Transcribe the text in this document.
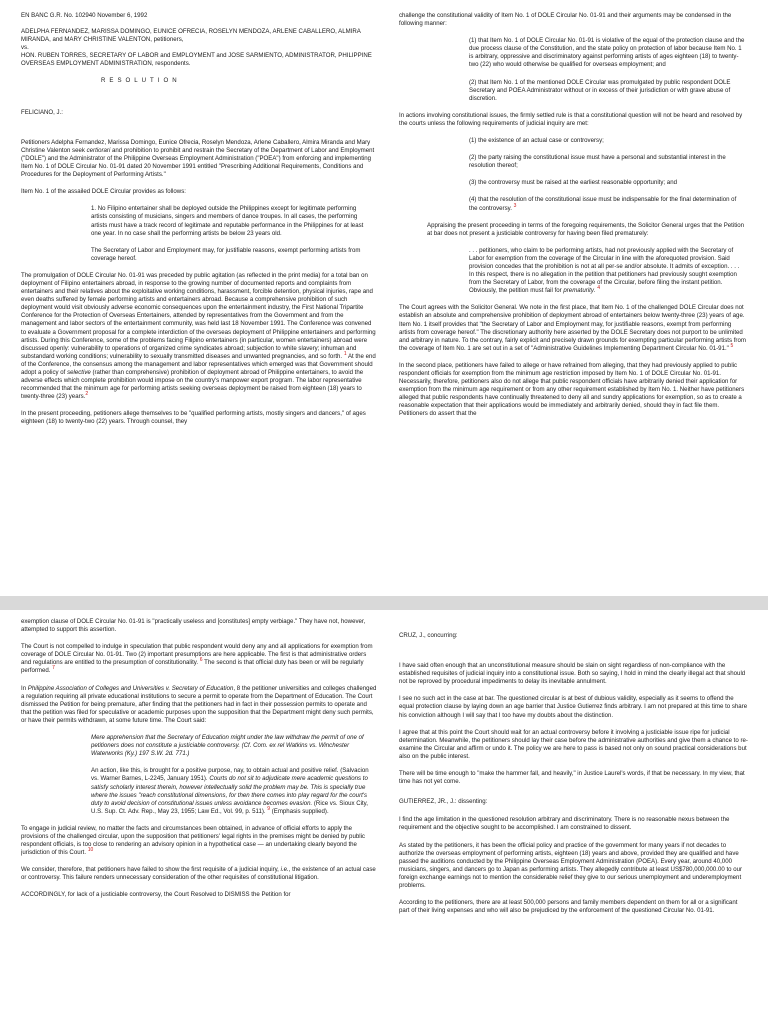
EN BANC G.R. No. 102940 November 6, 1992

ADELPHA FERNANDEZ, MARISSA DOMINGO, EUNICE OFRECIA, ROSELYN MENDOZA, ARLENE CABALLERO, ALMIRA MIRANDA, and MARY CHRISTINE VALENTON, petitioners,

vs.

HON. RUBEN TORRES, SECRETARY OF LABOR and EMPLOYMENT and JOSE SARMIENTO, ADMINISTRATOR, PHILIPPINE OVERSEAS EMPLOYMENT ADMINISTRATION, respondents.

RESOLUTION

FELICIANO, J.:

Petitioners Adelpha Fernandez, Marissa Domingo, Eunice Ofrecia, Roselyn Mendoza, Arlene Caballero, Almira Miranda and Mary Christine Valenton seek certiorari and prohibition to prohibit and restrain the Secretary of the Department of Labor and Employment ("DOLE") and the Administrator of the Philippine Overseas Employment Administration ("POEA") from enforcing and implementing Item No. 1 of DOLE Circular No. 01-91 dated 20 November 1991 entitled "Prescribing Additional Requirements, Conditions and Procedures for the Deployment of Performing Artists."

Item No. 1 of the assailed DOLE Circular provides as follows:

1. No Filipino entertainer shall be deployed outside the Philippines except for legitimate performing artists consisting of musicians, singers and members of dance troupes. In all cases, the performing artists must have a track record of legitimate and reputable performance in the Philippines for at least one year. In no case shall the performing artists be below 23 years old.

The Secretary of Labor and Employment may, for justifiable reasons, exempt performing artists from coverage hereof.

The promulgation of DOLE Circular No. 01-91 was preceded by public agitation (as reflected in the print media) for a total ban on deployment of Filipino entertainers abroad, in response to the growing number of documented reports and complaints from entertainers and their relatives about the exploitative working conditions, harassment, forcible detention, physical injuries, rape and even deaths suffered by female performing artists and entertainers abroad. Because a comprehensive prohibition of such deployment would visit obviously adverse economic consequences upon the entertainment industry, the First National Tripartite Conference for the Protection of Overseas Entertainers, attended by representatives from the Government and from the management and labor sectors of the entertainment community, was held last 18 November 1991. The Conference was convened to evaluate a Government proposal for a complete interdiction of the overseas deployment of Philippine entertainers and performing artists. During this Conference, some of the problems facing Filipino entertainers (in particular, women entertainers) abroad were discussed openly: vulnerability to operations of organized crime syndicates abroad; subjection to white slavery; inhuman and substandard working conditions; vulnerability to sexually transmitted diseases and unwanted pregnancies, and so forth. $^1$ At the end of the Conference, the consensus among the management and labor representatives which emerged was that Government should adopt a policy of selective (rather than comprehensive) prohibition of deployment abroad of Philippine entertainers, to avoid the adverse effects which complete prohibition would impose on the country's manpower export program. The labor representative recommended that the minimum age for performing artists seeking overseas deployment be raised from eighteen (18) years to twenty-three (23) years.$^2$

In the present proceeding, petitioners allege themselves to be "qualified performing artists, mostly singers and dancers," of ages eighteen (18) to twenty-two (22) years. Through counsel, they

challenge the constitutional validity of Item No. 1 of DOLE Circular No. 01-91 and their arguments may be condensed in the following manner:

(1) that Item No. 1 of DOLE Circular No. 01-91 is violative of the equal of the protection clause and the due process clause of the Constitution, and the state policy on protection of labor because Item No. 1 is arbitrary, oppressive and discriminatory against performing artists of ages eighteen (18) to twenty-two (22) who would otherwise be qualified for overseas employment; and

(2) that Item No. 1 of the mentioned DOLE Circular was promulgated by public respondent DOLE Secretary and POEA Administrator without or in excess of their jurisdiction or with grave abuse of discretion.

In actions involving constitutional issues, the firmly settled rule is that a constitutional question will not be heard and resolved by the courts unless the following requirements of judicial inquiry are met:

(1) the existence of an actual case or controversy;

(2) the party raising the constitutional issue must have a personal and substantial interest in the resolution thereof;

(3) the controversy must be raised at the earliest reasonable opportunity; and

(4) that the resolution of the constitutional issue must be indispensable for the final determination of the controversy. $^3$

Appraising the present proceeding in terms of the foregoing requirements, the Solicitor General urges that the Petition at bar does not present a justiciable controversy for having been filed prematurely:

. . . petitioners, who claim to be performing artists, had not previously applied with the Secretary of Labor for exemption from the coverage of the Circular in line with the aforequoted provision. Said provision concedes that the prohibition is not at all per-se and/or absolute. It admits of exception. . . . In this respect, there is no allegation in the petition that petitioners had previously sought exemption from the Secretary of Labor, from the coverage of the Circular, before filing the instant petition. Obviously, the petition must fail for prematurity. $^4$

The Court agrees with the Solicitor General. We note in the first place, that Item No. 1 of the challenged DOLE Circular does not establish an absolute and comprehensive prohibition of deployment abroad of entertainers below twenty-three (23) years of age. Item No. 1 itself provides that "the Secretary of Labor and Employment may, for justifiable reasons, exempt from performing artists from coverage hereof." The discretionary authority here asserted by the DOLE Secretary does not purport to be unlimited and arbitrary in nature. To the contrary, fairly explicit and precisely drawn grounds for exempting particular performing artists from the coverage of Item No. 1 are set out in a set of "Administrative Guidelines Implementing Department Circular No. 01-91." $^5$

In the second place, petitioners have failed to allege or have refrained from alleging, that they had previously applied to public respondent officials for exemption from the minimum age restriction imposed by Item No. 1 of DOLE Circular No. 01-91. Necessarily, therefore, petitioners also do not allege that public respondent officials have arbitrarily denied their application for exemption from the minimum age requirement or from any other requirement established by Item No. 1. Neither have petitioners alleged that public respondents have continually threatened to deny all and sundry applications for exemption, so as to create a reasonable expectation that their applications would be immediately and arbitrarily denied, should they in fact file them. Petitioners do assert that the

exemption clause of DOLE Circular No. 01-91 is "practically useless and [constitutes] empty verbiage." They have not, however, attempted to support this assertion.

The Court is not compelled to indulge in speculation that public respondent would deny any and all applications for exemption from coverage of DOLE Circular No. 01-91. Two (2) important presumptions are here applicable. The first is that administrative orders and regulations are entitled to the presumption of constitutionality. $^6$ The second is that official duty has been or will be regularly performed. $^7$

In Philippine Association of Colleges and Universities v. Secretary of Education, 8 the petitioner universities and colleges challenged a regulation requiring all private educational institutions to secure a permit to operate from the Department of Education. The Court dismissed the Petition for being premature, after finding that the petitioners had in fact in their possession permits to operate and that the petition was filed for speculative or academic purposes upon the supposition that the Department might deny such permits, or have their permits withdrawn, at some future time. The Court said:

Mere apprehension that the Secretary of Education might under the law withdraw the permit of one of petitioners does not constitute a justiciable controversy. (Cf. Com. ex rel Watkins vs. Winchester Waterworks (Ky.) 197 S.W. 2d. 771.)

An action, like this, is brought for a positive purpose, nay, to obtain actual and positive relief. (Salvacion vs. Warner Barnes, L-2245, January 1951). Courts do not sit to adjudicate mere academic questions to satisfy scholarly interest therein, however intellectually solid the problem may be. This is specially true where the issues "reach constitutional dimensions, for then there comes into play regard for the court's duty to avoid decision of constitutional issues unless avoidance becomes evasion. (Rice vs. Sioux City, U.S. Sup. Ct. Adv. Rep., May 23, 1955; Law Ed., Vol. 99, p. 511). $^9$ (Emphasis supplied).

To engage in judicial review, no matter the facts and circumstances been obtained, in advance of official efforts to apply the provisions of the challenged circular, upon the supposition that petitioners' legal rights in the premises might be denied by public respondent officials, is too close to rendering an advisory opinion in a hypothetical case — an undertaking clearly beyond the jurisdiction of this Court. $^{10}$

We consider, therefore, that petitioners have failed to show the first requisite of a judicial inquiry, i.e., the existence of an actual case or controversy. This failure renders unnecessary consideration of the other requisites of constitutional litigation.

ACCORDINGLY, for lack of a justiciable controversy, the Court Resolved to DISMISS the Petition for

CRUZ, J., concurring:

I have said often enough that an unconstitutional measure should be slain on sight regardless of non-compliance with the established requisites of judicial inquiry into a constitutional issue. Both so saying, I hold in mind the clearly illegal act that should not be reproved by procedural impediments to delay its inevitable annulment.

I see no such act in the case at bar. The questioned circular is at best of dubious validity, especially as it seems to offend the equal protection clause by laying down an age barrier that Justice Gutierrez finds arbitrary. I am not prepared at this time to share his conviction although I will say that I too have my doubts about the distinction.

I agree that at this point the Court should wait for an actual controversy before it involving a justiciable issue ripe for judicial determination. Meanwhile, the petitioners should lay their case before the administrative authorities and give them a chance to re-examine the Circular and affirm or undo it. The policy we are here to pass is based not only on sound practical considerations but also on the public interest.

There will be time enough to "make the hammer fall, and heavily," in Justice Laurel's words, if that be necessary. In my view, that time has not yet come.

GUTIERREZ, JR., J.: dissenting:

I find the age limitation in the questioned resolution arbitrary and discriminatory. There is no reasonable nexus between the requirement and the objective sought to be accomplished. I am constrained to dissent.

As stated by the petitioners, it has been the official policy and practice of the government for many years if not decades to authorize the overseas employment of performing artists, eighteen (18) years and above, provided they are qualified and have passed the auditions conducted by the Philippine Overseas Employment Administration (POEA). Every year, around 40,000 musicians, singers, and dancers go to Japan as performing artists. They allegedly contribute at least US$780,000,000.00 to our foreign exchange earnings not to mention the considerable relief they give to our serious unemployment and underemployment problems.

According to the petitioners, there are at least 500,000 persons and family members dependent on them for all or a significant part of their living expenses and who will also be prejudiced by the enforcement of the questioned Circular No. 01-91.
